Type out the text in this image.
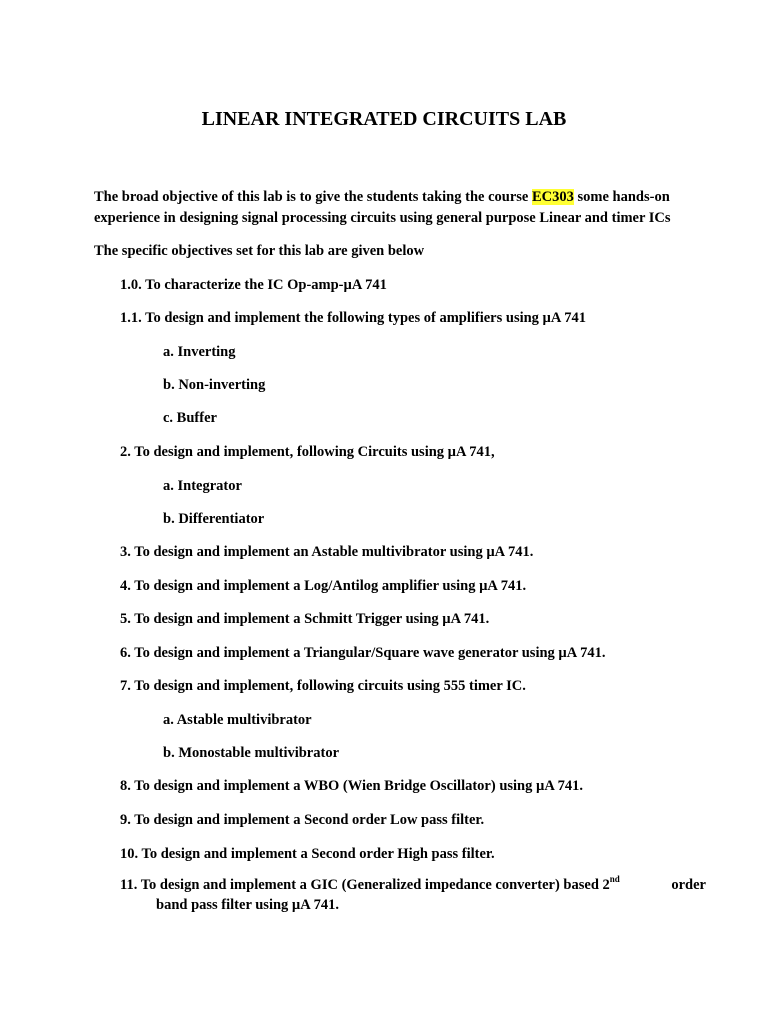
LINEAR INTEGRATED CIRCUITS LAB
The broad objective of this lab is to give the students taking the course EC303 some hands-on experience in designing signal processing circuits using general purpose Linear and timer ICs
The specific objectives set for this lab are given below
1.0. To characterize the IC Op-amp-µA 741
1.1. To design and implement the following types of amplifiers using µA 741
a. Inverting
b. Non-inverting
c. Buffer
2. To design and implement, following Circuits using µA 741,
a. Integrator
b. Differentiator
3. To design and implement an Astable multivibrator using µA 741.
4. To design and implement a Log/Antilog amplifier using µA 741.
5. To design and implement a Schmitt Trigger using µA 741.
6. To design and implement a Triangular/Square wave generator using µA 741.
7. To design and implement, following circuits using 555 timer IC.
a. Astable multivibrator
b. Monostable multivibrator
8. To design and implement a WBO (Wien Bridge Oscillator) using µA 741.
9. To design and implement a Second order Low pass filter.
10. To design and implement a Second order High pass filter.
11. To design and implement a GIC (Generalized impedance converter) based 2nd	order
band pass filter using µA 741.
